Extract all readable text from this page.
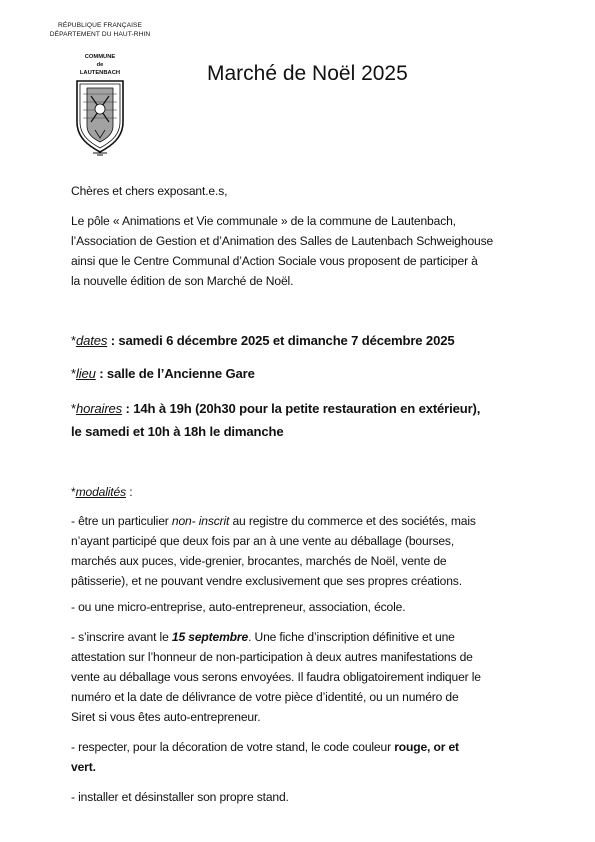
RÉPUBLIQUE FRANÇAISE
DÉPARTEMENT DU HAUT-RHIN
COMMUNE
de
LAUTENBACH	Marché de Noël 2025
Chères et chers exposant.e.s,

Le pôle « Animations et Vie communale » de la commune de Lautenbach,

l’Association de Gestion et d’Animation des Salles de Lautenbach Schweighouse

ainsi que le Centre Communal d’Action Sociale vous proposent de participer à

la nouvelle édition de son Marché de Noël.

*dates : samedi 6 décembre 2025 et dimanche 7 décembre 2025
*lieu : salle de l’Ancienne Gare

*horaires : 14h à 19h (20h30 pour la petite restauration en extérieur),

le samedi et 10h à 18h le dimanche

*modalités :

- être un particulier non- inscrit au registre du commerce et des sociétés, mais

n’ayant participé que deux fois par an à une vente au déballage (bourses,

marchés aux puces, vide-grenier, brocantes, marchés de Noël, vente de

pâtisserie), et ne pouvant vendre exclusivement que ses propres créations.

- ou une micro-entreprise, auto-entrepreneur, association, école.

- s’inscrire avant le 15 septembre. Une fiche d’inscription définitive et une

attestation sur l’honneur de non-participation à deux autres manifestations de

vente au déballage vous serons envoyées. Il faudra obligatoirement indiquer le

numéro et la date de délivrance de votre pièce d’identité, ou un numéro de

Siret si vous êtes auto-entrepreneur.

- respecter, pour la décoration de votre stand, le code couleur rouge, or et

vert.

- installer et désinstaller son propre stand.
